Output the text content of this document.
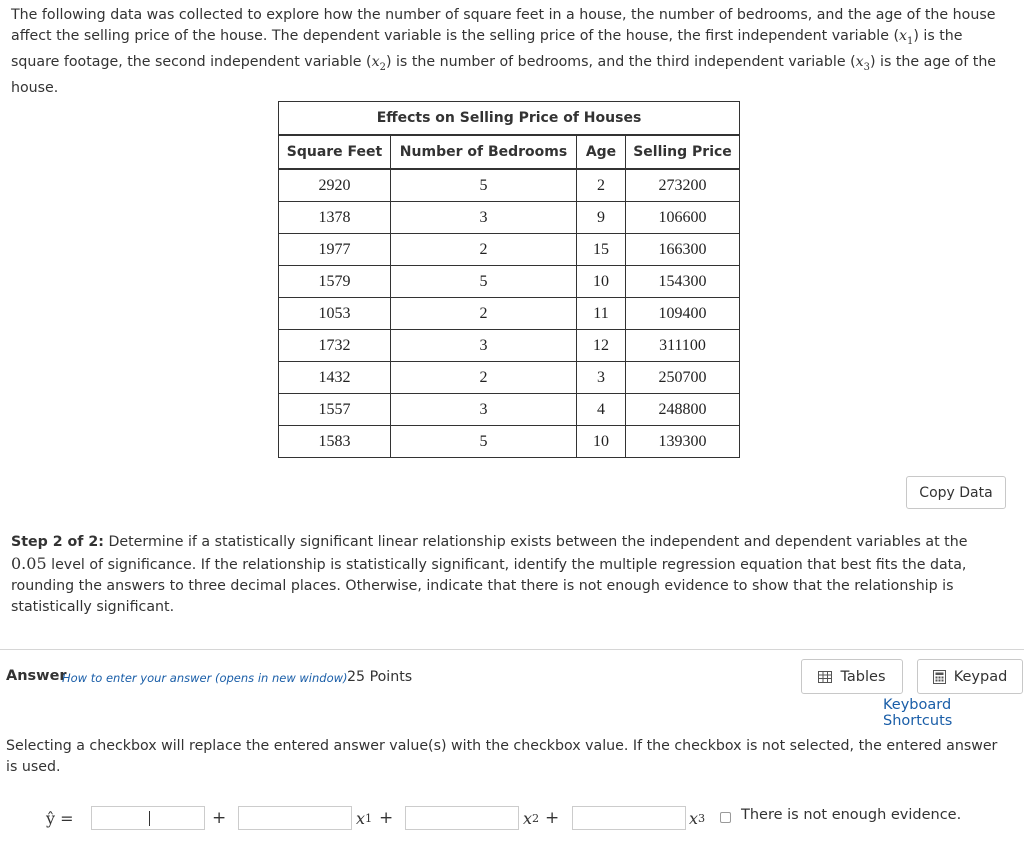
The following data was collected to explore how the number of square feet in a house, the number of bedrooms, and the age of the house affect the selling price of the house. The dependent variable is the selling price of the house, the first independent variable $(x_1)$ is the square footage, the second independent variable $(x_2)$ is the number of bedrooms, and the third independent variable $(x_3)$ is the age of the house.
Effects on Selling Price of Houses			
Square Feet	Number of Bedrooms	Age	Selling Price
2920	5	2	273200
1378	3	9	106600
1977	2	15	166300
1579	5	10	154300
1053	2	11	109400
1732	3	12	311100
1432	2	3	250700
1557	3	4	248800
1583	5	10	139300
Copy Data
Step 2 of 2: Determine if a statistically significant linear relationship exists between the independent and dependent variables at the 0.05 level of significance. If the relationship is statistically significant, identify the multiple regression equation that best fits the data, rounding the answers to three decimal places. Otherwise, indicate that there is not enough evidence to show that the relationship is statistically significant.
Answer
How to enter your answer (opens in new window) 25 Points	Tables	Keypad
Keyboard Shortcuts
Selecting a checkbox will replace the entered answer value(s) with the checkbox value. If the checkbox is not selected, the entered answer is used.
ŷ =	+	x 1 +	x 2 +	x 3 There is not enough evidence.
